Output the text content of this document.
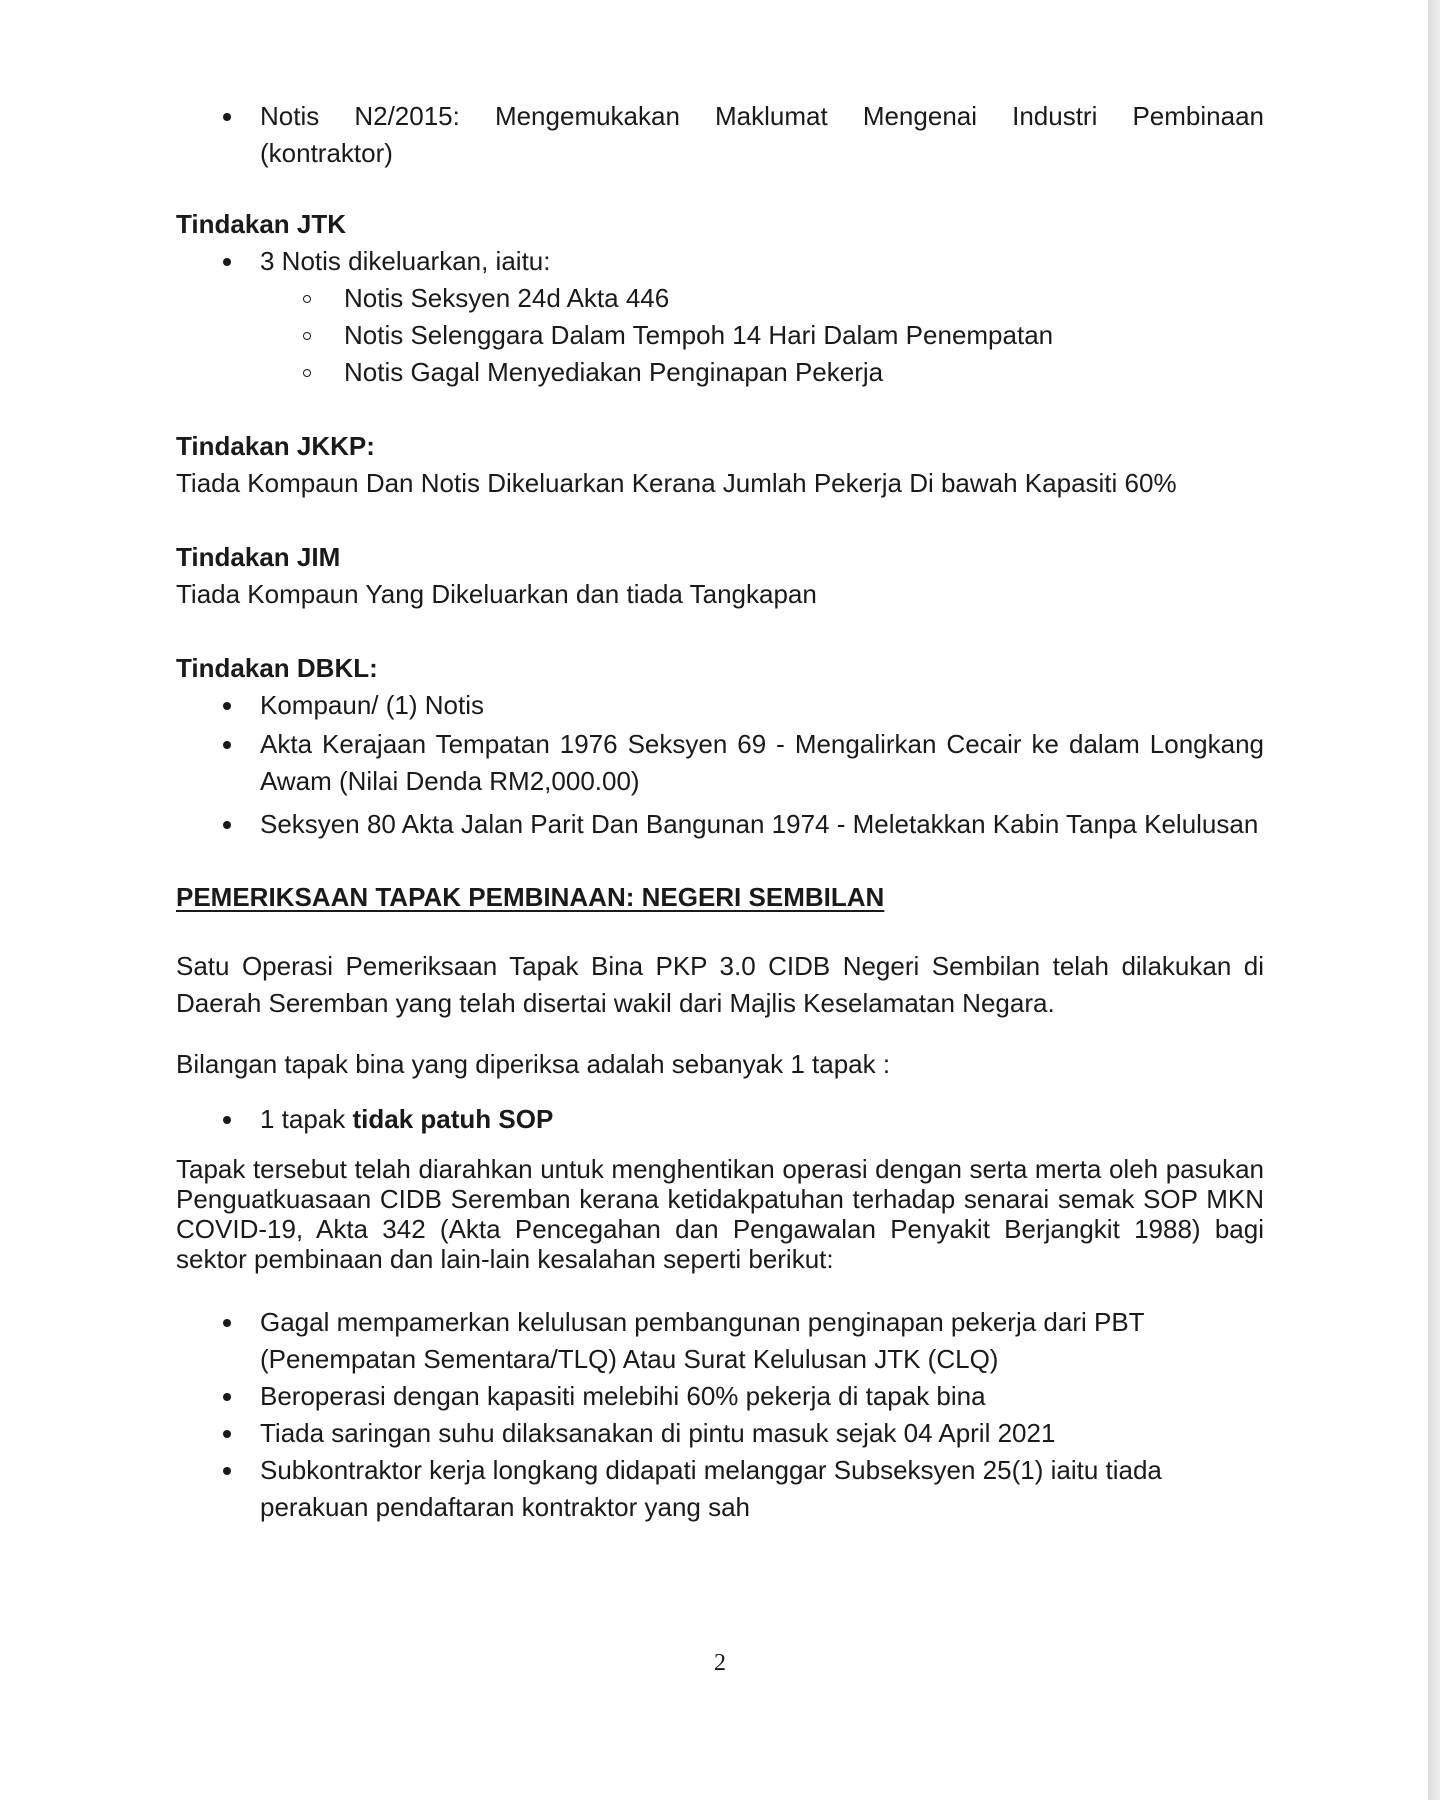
Notis N2/2015: Mengemukakan Maklumat Mengenai Industri Pembinaan
(kontraktor)
Tindakan JTK
3 Notis dikeluarkan, iaitu:
Notis Seksyen 24d Akta 446
Notis Selenggara Dalam Tempoh 14 Hari Dalam Penempatan
Notis Gagal Menyediakan Penginapan Pekerja
Tindakan JKKP:

Tiada Kompaun Dan Notis Dikeluarkan Kerana Jumlah Pekerja Di bawah Kapasiti 60%

Tindakan JIM

Tiada Kompaun Yang Dikeluarkan dan tiada Tangkapan

Tindakan DBKL:
Kompaun/ (1) Notis
Akta Kerajaan Tempatan 1976 Seksyen 69 - Mengalirkan Cecair ke dalam Longkang Awam (Nilai Denda RM2,000.00)
Seksyen 80 Akta Jalan Parit Dan Bangunan 1974 - Meletakkan Kabin Tanpa Kelulusan

PEMERIKSAAN TAPAK PEMBINAAN: NEGERI SEMBILAN

Satu Operasi Pemeriksaan Tapak Bina PKP 3.0 CIDB Negeri Sembilan telah dilakukan di Daerah Seremban yang telah disertai wakil dari Majlis Keselamatan Negara.

Bilangan tapak bina yang diperiksa adalah sebanyak 1 tapak :

1 tapak tidak patuh SOP

Tapak tersebut telah diarahkan untuk menghentikan operasi dengan serta merta oleh pasukan Penguatkuasaan CIDB Seremban kerana ketidakpatuhan terhadap senarai semak SOP MKN COVID-19, Akta 342 (Akta Pencegahan dan Pengawalan Penyakit Berjangkit 1988) bagi sektor pembinaan dan lain-lain kesalahan seperti berikut:

Gagal mempamerkan kelulusan pembangunan penginapan pekerja dari PBT (Penempatan Sementara/TLQ) Atau Surat Kelulusan JTK (CLQ)
Beroperasi dengan kapasiti melebihi 60% pekerja di tapak bina
Tiada saringan suhu dilaksanakan di pintu masuk sejak 04 April 2021
Subkontraktor kerja longkang didapati melanggar Subseksyen 25(1) iaitu tiada perakuan pendaftaran kontraktor yang sah
2
